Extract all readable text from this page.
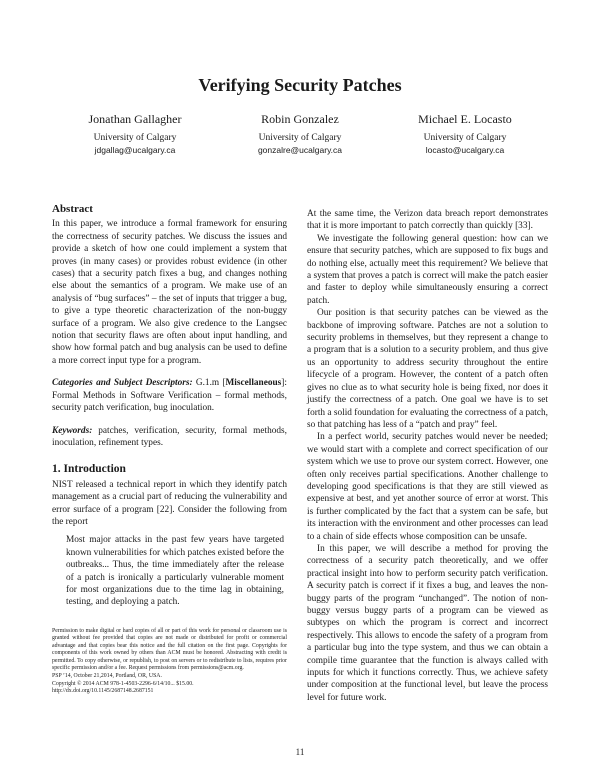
Verifying Security Patches
Jonathan Gallagher
University of Calgary
jdgallag@ucalgary.ca
Robin Gonzalez
University of Calgary
gonzalre@ucalgary.ca
Michael E. Locasto
University of Calgary
locasto@ucalgary.ca
Abstract

In this paper, we introduce a formal framework for ensuring the correctness of security patches. We discuss the issues and provide a sketch of how one could implement a system that proves (in many cases) or provides robust evidence (in other cases) that a security patch fixes a bug, and changes nothing else about the semantics of a program. We make use of an analysis of “bug surfaces” – the set of inputs that trigger a bug, to give a type theoretic characterization of the non-buggy surface of a program. We also give credence to the Langsec notion that security flaws are often about input handling, and show how formal patch and bug analysis can be used to define a more correct input type for a program.

Categories and Subject Descriptors: G.1.m [Miscellaneous]: Formal Methods in Software Verification – formal methods, security patch verification, bug inoculation.

Keywords: patches, verification, security, formal methods, inoculation, refinement types.

1. Introduction

NIST released a technical report in which they identify patch management as a crucial part of reducing the vulnerability and error surface of a program [22]. Consider the following from the report

Most major attacks in the past few years have targeted known vulnerabilities for which patches existed before the outbreaks... Thus, the time immediately after the release of a patch is ironically a particularly vulnerable moment for most organizations due to the time lag in obtaining, testing, and deploying a patch.

Permission to make digital or hard copies of all or part of this work for personal or classroom use is granted without fee provided that copies are not made or distributed for profit or commercial advantage and that copies bear this notice and the full citation on the first page. Copyrights for components of this work owned by others than ACM must be honored. Abstracting with credit is permitted. To copy otherwise, or republish, to post on servers or to redistribute to lists, requires prior specific permission and/or a fee. Request permissions from permissions@acm.org.
PSP ’14, October 21,2014, Portland, OR, USA.
Copyright © 2014 ACM 978-1-4503-2296-6/14/10... $15.00.
http://dx.doi.org/10.1145/2687148.2687151

At the same time, the Verizon data breach report demonstrates that it is more important to patch correctly than quickly [33].

We investigate the following general question: how can we ensure that security patches, which are supposed to fix bugs and do nothing else, actually meet this requirement? We believe that a system that proves a patch is correct will make the patch easier and faster to deploy while simultaneously ensuring a correct patch.

Our position is that security patches can be viewed as the backbone of improving software. Patches are not a solution to security problems in themselves, but they represent a change to a program that is a solution to a security problem, and thus give us an opportunity to address security throughout the entire lifecycle of a program. However, the content of a patch often gives no clue as to what security hole is being fixed, nor does it justify the correctness of a patch. One goal we have is to set forth a solid foundation for evaluating the correctness of a patch, so that patching has less of a “patch and pray” feel.

In a perfect world, security patches would never be needed; we would start with a complete and correct specification of our system which we use to prove our system correct. However, one often only receives partial specifications. Another challenge to developing good specifications is that they are still viewed as expensive at best, and yet another source of error at worst. This is further complicated by the fact that a system can be safe, but its interaction with the environment and other processes can lead to a chain of side effects whose composition can be unsafe.

In this paper, we will describe a method for proving the correctness of a security patch theoretically, and we offer practical insight into how to perform security patch verification. A security patch is correct if it fixes a bug, and leaves the non-buggy parts of the program “unchanged”. The notion of non-buggy versus buggy parts of a program can be viewed as subtypes on which the program is correct and incorrect respectively. This allows to encode the safety of a program from a particular bug into the type system, and thus we can obtain a compile time guarantee that the function is always called with inputs for which it functions correctly. Thus, we achieve safety under composition at the functional level, but leave the process level for future work.

11
